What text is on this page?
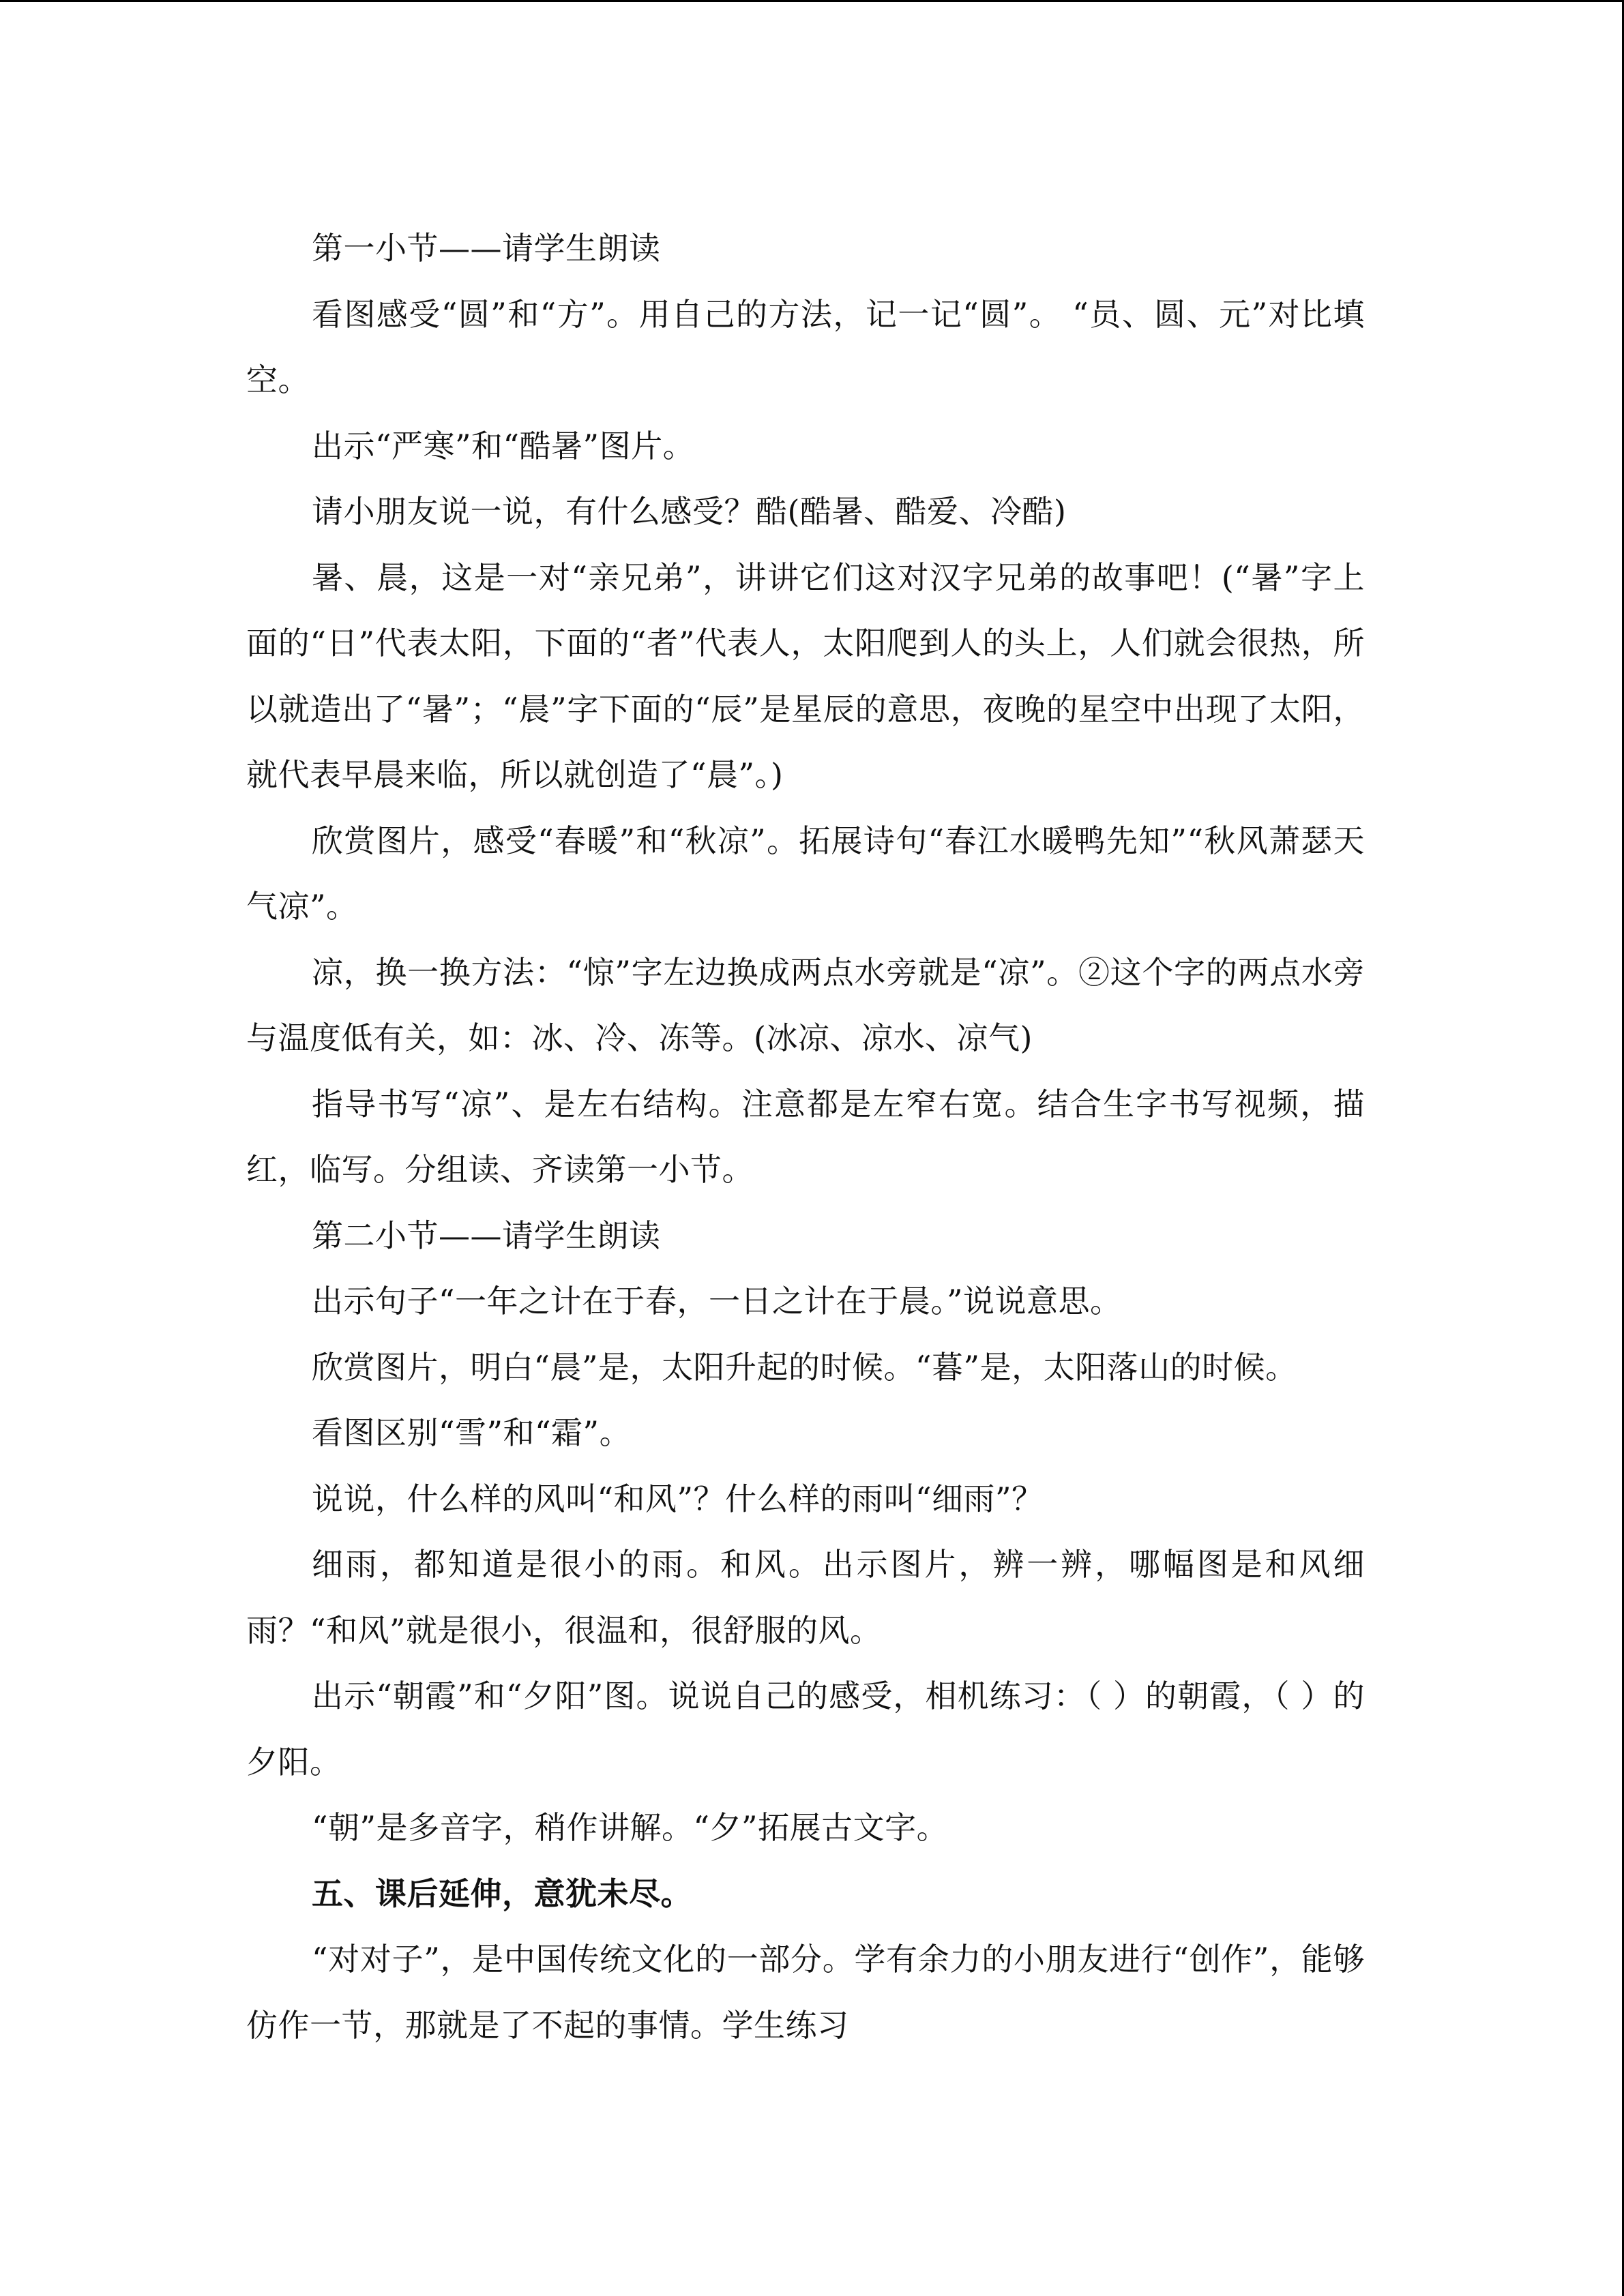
第一小节——请学生朗读

看图感受“圆”和“方”。用自己的方法，记一记“圆”。 “员、圆、元”对比填空。

出示“严寒”和“酷暑”图片。

请小朋友说一说，有什么感受？酷(酷暑、酷爱、冷酷)

暑、晨，这是一对“亲兄弟”，讲讲它们这对汉字兄弟的故事吧！(“暑”字上面的“日”代表太阳，下面的“者”代表人，太阳爬到人的头上，人们就会很热，所以就造出了“暑”；“晨”字下面的“辰”是星辰的意思，夜晚的星空中出现了太阳，就代表早晨来临，所以就创造了“晨”。)

欣赏图片，感受“春暖”和“秋凉”。拓展诗句“春江水暖鸭先知”“秋风萧瑟天气凉”。

凉，换一换方法：“惊”字左边换成两点水旁就是“凉”。②这个字的两点水旁与温度低有关，如：冰、冷、冻等。(冰凉、凉水、凉气)

指导书写“凉”、是左右结构。注意都是左窄右宽。结合生字书写视频，描红，临写。分组读、齐读第一小节。

第二小节——请学生朗读

出示句子“一年之计在于春，一日之计在于晨。”说说意思。

欣赏图片，明白“晨”是，太阳升起的时候。“暮”是，太阳落山的时候。

看图区别“雪”和“霜”。

说说，什么样的风叫“和风”？什么样的雨叫“细雨”？

细雨，都知道是很小的雨。和风。出示图片，辨一辨，哪幅图是和风细雨？“和风”就是很小，很温和，很舒服的风。

出示“朝霞”和“夕阳”图。说说自己的感受，相机练习：（ ）的朝霞，（ ）的夕阳。

“朝”是多音字，稍作讲解。“夕”拓展古文字。

五、课后延伸，意犹未尽。

“对对子”，是中国传统文化的一部分。学有余力的小朋友进行“创作”，能够仿作一节，那就是了不起的事情。学生练习
